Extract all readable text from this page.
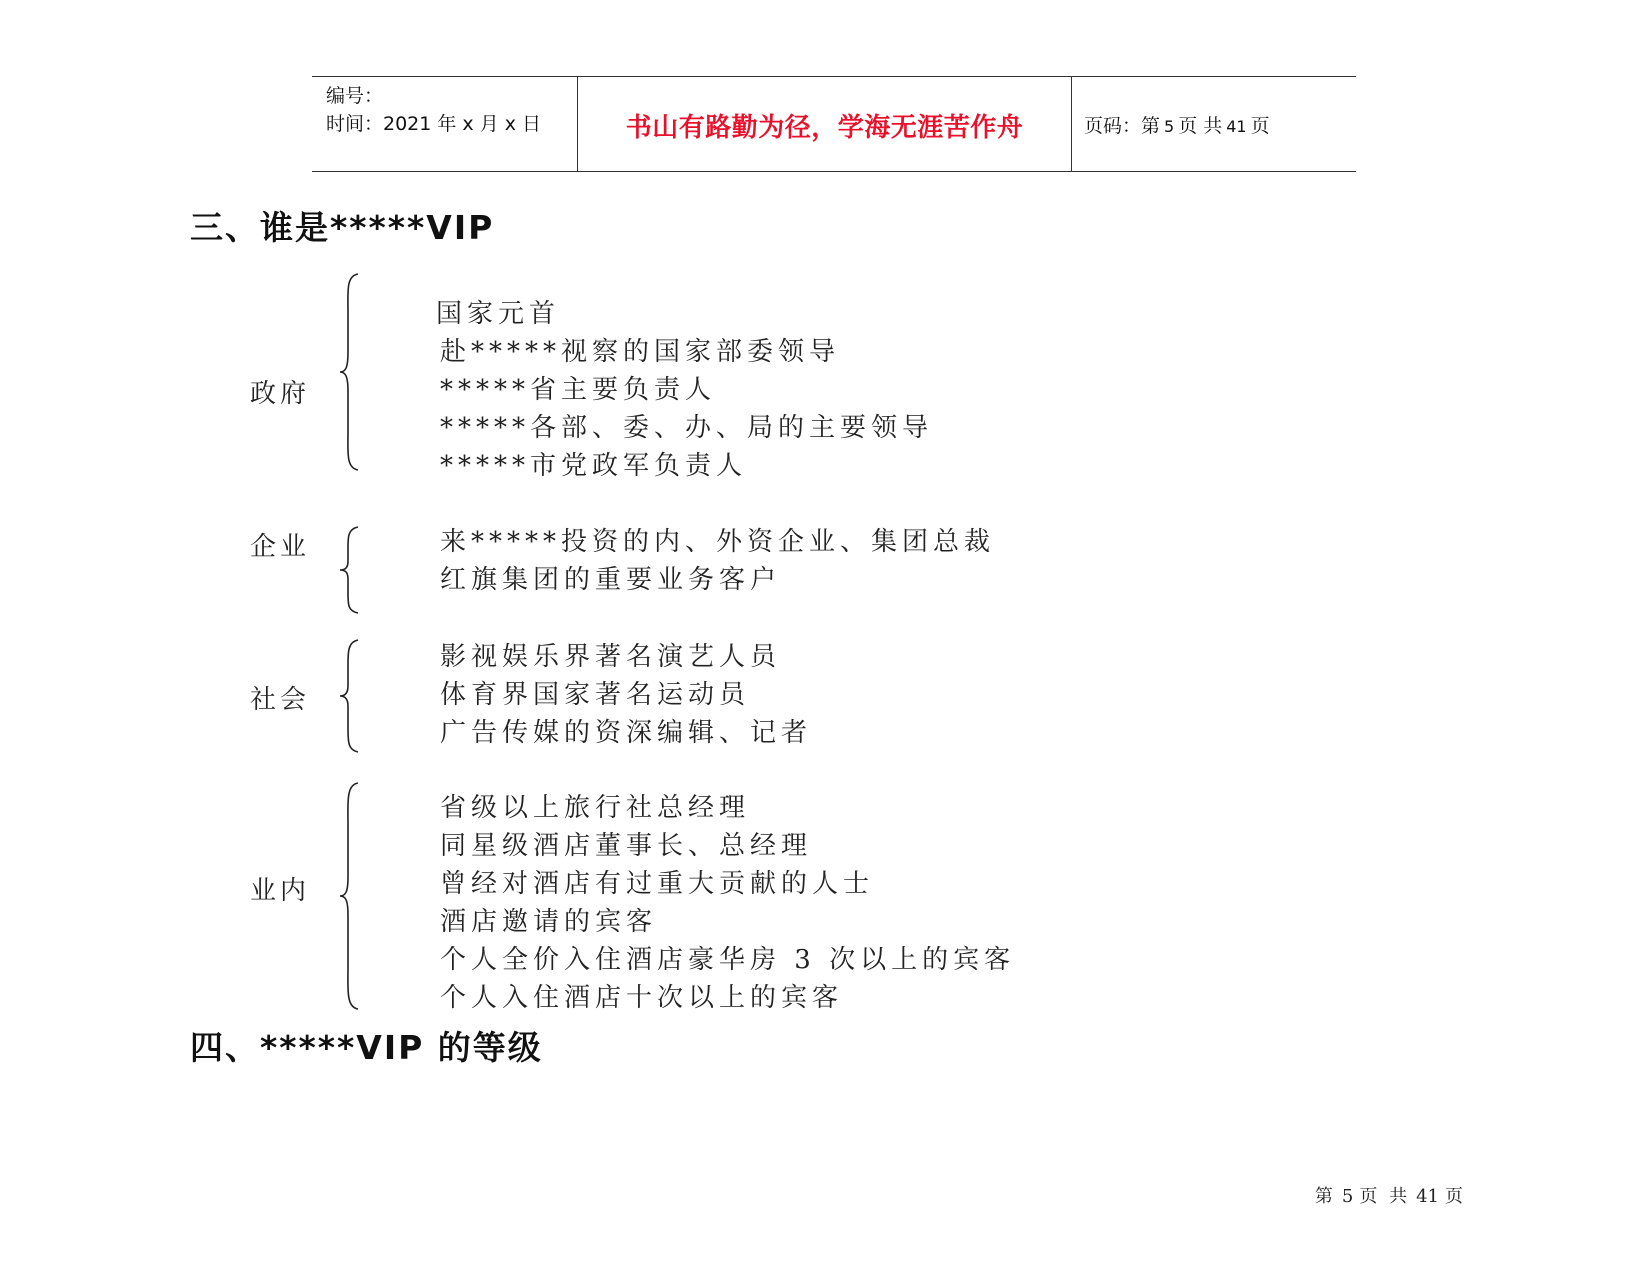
编号：
时间：2021 年 x 月 x 日	书山有路勤为径，学海无涯苦作舟	页码：第 5 页 共 41 页
三、谁是*****VIP
政府
国家元首
赴*****视察的国家部委领导
*****省主要负责人
*****各部、委、办、局的主要领导
*****市党政军负责人
企业	来*****投资的内、外资企业、集团总裁
红旗集团的重要业务客户
社会
影视娱乐界著名演艺人员
体育界国家著名运动员
广告传媒的资深编辑、记者
业内
省级以上旅行社总经理
同星级酒店董事长、总经理
曾经对酒店有过重大贡献的人士
酒店邀请的宾客
个人全价入住酒店豪华房 3 次以上的宾客
个人入住酒店十次以上的宾客
四、*****VIP 的等级
第 5 页 共 41 页
